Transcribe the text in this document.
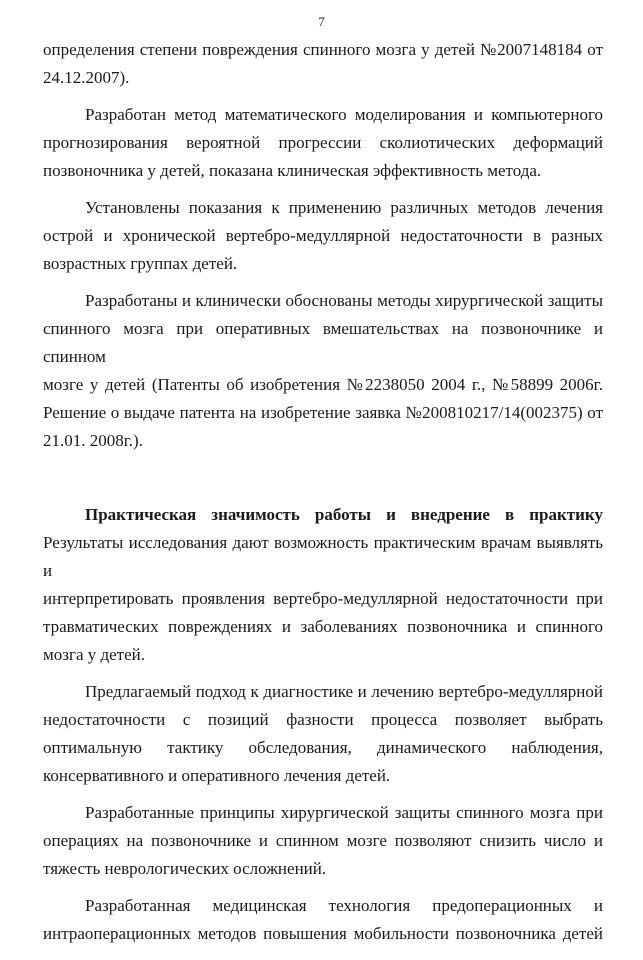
7

определения степени повреждения спинного мозга у детей №2007148184 от
24.12.2007).

Разработан метод математического моделирования и компьютерного
прогнозирования вероятной прогрессии сколиотических деформаций
позвоночника у детей, показана клиническая эффективность метода.

Установлены показания к применению различных методов лечения
острой и хронической вертебро-медуллярной недостаточности в разных
возрастных группах детей.

Разработаны и клинически обоснованы методы хирургической защиты
спинного мозга при оперативных вмешательствах на позвоночнике и спинном
мозге у детей (Патенты об изобретения №2238050 2004 г., №58899 2006г.
Решение о выдаче патента на изобретение заявка №200810217/14(002375) от
21.01. 2008г.).

Практическая значимость работы и внедрение в практику
Результаты исследования дают возможность практическим врачам выявлять и
интерпретировать проявления вертебро-медуллярной недостаточности при
травматических повреждениях и заболеваниях позвоночника и спинного
мозга у детей.

Предлагаемый подход к диагностике и лечению вертебро-медуллярной
недостаточности с позиций фазности процесса позволяет выбрать
оптимальную тактику обследования, динамического наблюдения,
консервативного и оперативного лечения детей.

Разработанные принципы хирургической защиты спинного мозга при
операциях на позвоночнике и спинном мозге позволяют снизить число и
тяжесть неврологических осложнений.

Разработанная медицинская технология предоперационных и
интраоперационных методов повышения мобильности позвоночника детей
